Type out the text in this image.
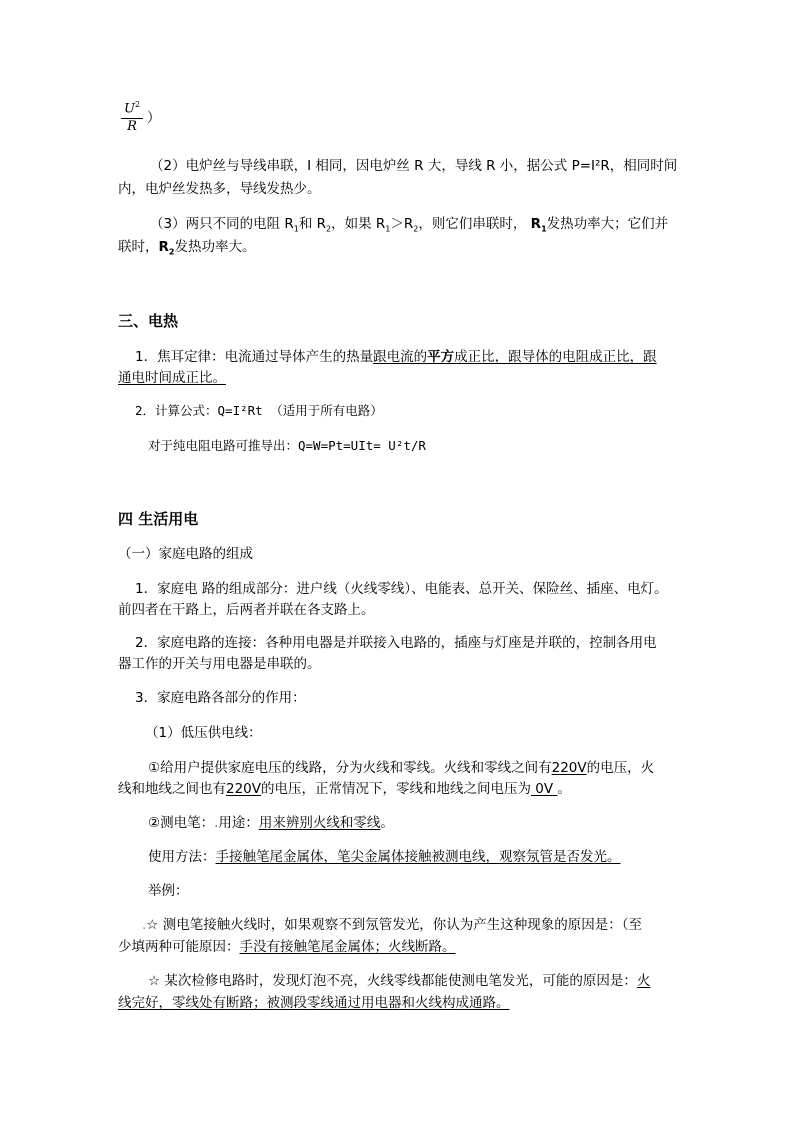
$\frac{U^2}{R}$ ）
（2）电炉丝与导线串联，I 相同，因电炉丝 R 大，导线 R 小，据公式 P=I²R，相同时间
内，电炉丝发热多，导线发热少。
（3）两只不同的电阻 $R_1$和 $R_2$，如果 $R_1>R_2$，则它们串联时， $R_1$发热功率大；它们并
联时，$R_2$发热功率大。
三、电热
1．焦耳定律：电流通过导体产生的热量跟电流的平方成正比，跟导体的电阻成正比，跟
通电时间成正比。
2．计算公式：Q=I²Rt （适用于所有电路）
对于纯电阻电路可推导出：Q=W=Pt=UIt= U²t/R
四 生活用电
（一）家庭电路的组成
1．家庭电 路的组成部分：进户线（火线零线）、电能表、总开关、保险丝、插座、电灯。
前四者在干路上，后两者并联在各支路上。
2．家庭电路的连接：各种用电器是并联接入电路的，插座与灯座是并联的，控制各用电
器工作的开关与用电器是串联的。
3．家庭电路各部分的作用：
（1）低压供电线：
①给用户提供家庭电压的线路，分为火线和零线。火线和零线之间有220V的电压，火
线和地线之间也有220V的电压，正常情况下，零线和地线之间电压为 0V 。
②测电笔：.用途：用来辨别火线和零线。
使用方法：手接触笔尾金属体，笔尖金属体接触被测电线，观察氖管是否发光。
举例：
.☆ 测电笔接触火线时，如果观察不到氖管发光，你认为产生这种现象的原因是：（至
少填两种可能原因：手没有接触笔尾金属体；火线断路。
☆ 某次检修电路时，发现灯泡不亮，火线零线都能使测电笔发光，可能的原因是：火
线完好，零线处有断路；被测段零线通过用电器和火线构成通路。
